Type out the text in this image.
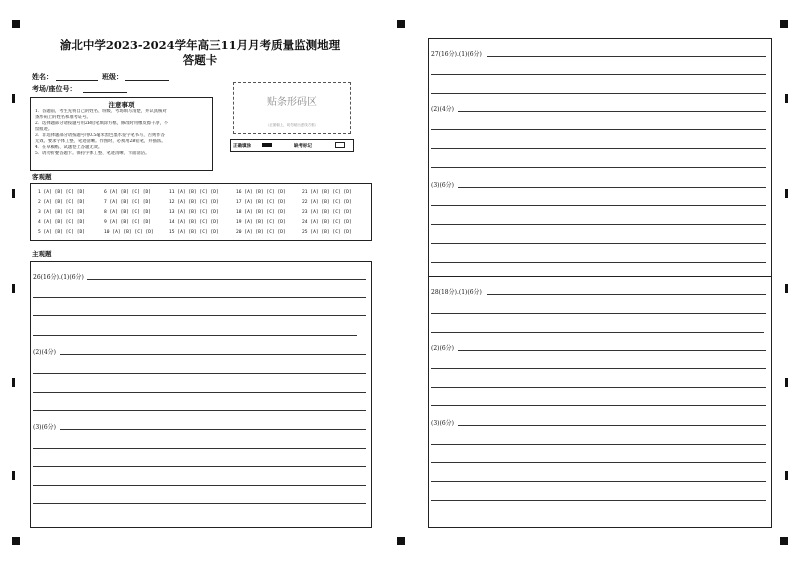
渝北中学2023-2024学年高三11月月考质量监测地理
答题卡
姓名：	班级：
考场/座位号：
注意事项
1．答题前，考生先将自己的姓名、班级、考场填写清楚，并认真核对
条形码上的姓名和准考证号。
2．选择题部分请按题号用2B铅笔填涂方框，修改时用橡皮擦干净，不
留痕迹。
3．非选择题部分请按题号用0.5毫米黑色墨水签字笔书写，否则作答
无效。要求字体工整、笔迹清晰。作图时，必须用2B铅笔，并描浓。
4．在草稿纸、试题卷上答题无效。
5．请勿折叠答题卡。保持字体工整、笔迹清晰、卡面清洁。
贴条形码区
（正面朝上，切勿贴出虚线方框）
正确填涂	缺考标记
客观题
1 [A] [B] [C] [D]	6 [A] [B] [C] [D]	11 [A] [B] [C] [D]	16 [A] [B] [C] [D]	21 [A] [B] [C] [D]
2 [A] [B] [C] [D]	7 [A] [B] [C] [D]	12 [A] [B] [C] [D]	17 [A] [B] [C] [D]	22 [A] [B] [C] [D]
3 [A] [B] [C] [D]	8 [A] [B] [C] [D]	13 [A] [B] [C] [D]	18 [A] [B] [C] [D]	23 [A] [B] [C] [D]
4 [A] [B] [C] [D]	9 [A] [B] [C] [D]	14 [A] [B] [C] [D]	19 [A] [B] [C] [D]	24 [A] [B] [C] [D]
5 [A] [B] [C] [D]	10 [A] [B] [C] [D]	15 [A] [B] [C] [D]	20 [A] [B] [C] [D]	25 [A] [B] [C] [D]
主观题
26(16分).(1)(6分)
(2)(4分)
(3)(6分)
27(16分).(1)(6分)
(2)(4分)
(3)(6分)
28(18分).(1)(6分)
(2)(6分)
(3)(6分)
